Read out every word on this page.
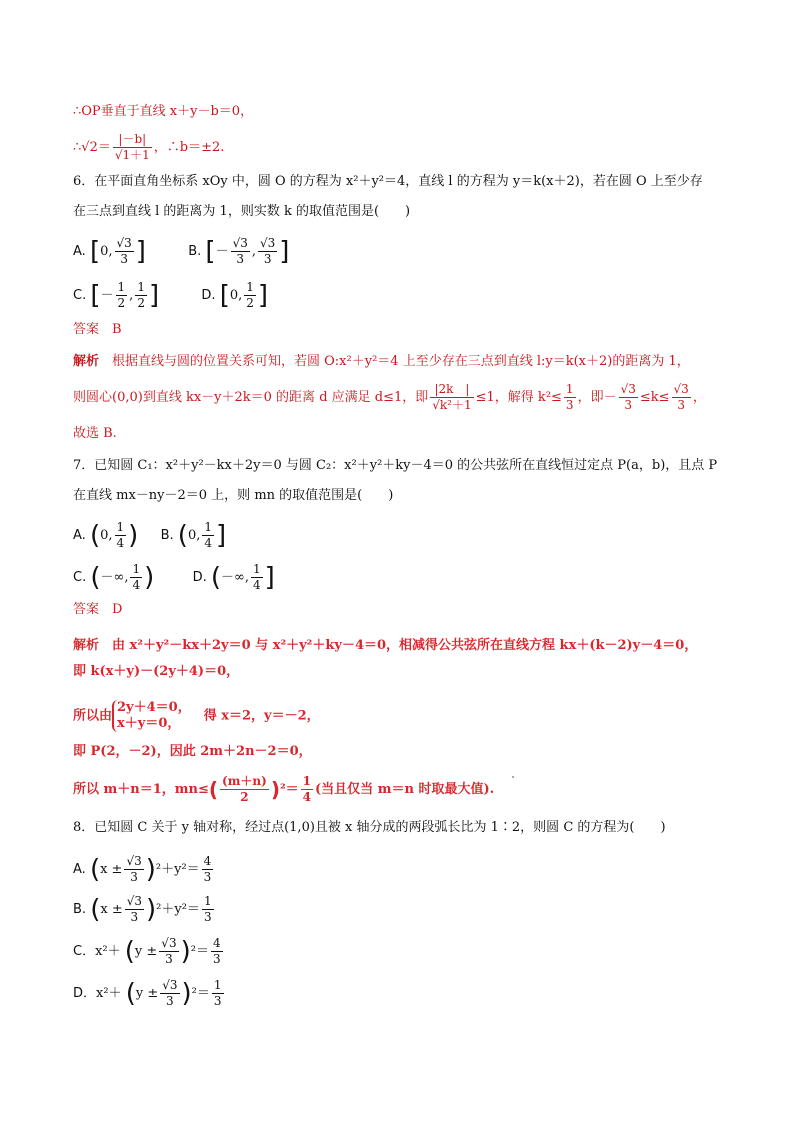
∴OP垂直于直线 x＋y－b＝0，
∴√2＝ $\frac{|-b|}{√1+1}$ ，∴b＝±2.
6．在平面直角坐标系 xOy 中，圆 O 的方程为 x²＋y²＝4，直线 l 的方程为 y＝k(x＋2)，若在圆 O 上至少存
在三点到直线 l 的距离为 1，则实数 k 的取值范围是(　　)
A. [0, $\frac{√3}{3}$ ]	B. [－ $\frac{√3}{3}$ , $\frac{√3}{3}$ ]
C. [－ $\frac{1}{2}$ , $\frac{1}{2}$ ]	D. [0, $\frac{1}{2}$ ]
答案　B
解析　根据直线与圆的位置关系可知，若圆 O:x²＋y²＝4 上至少存在三点到直线 l:y＝k(x＋2)的距离为 1，
则圆心(0,0)到直线 kx－y＋2k＝0 的距离 d 应满足 d≤1，即 $\frac{|2k |}{\text{√k²＋1}} \le 1$，解得 $k^2\le \frac{1}{3}$ ，即－ $\frac{√3}{3} \le k\le \frac{√3}{3}$ ，
故选 B.
7．已知圆 C₁：x²＋y²－kx＋2y＝0 与圆 C₂：x²＋y²＋ky－4＝0 的公共弦所在直线恒过定点 P(a，b)，且点 P
在直线 mx－ny－2＝0 上，则 mn 的取值范围是(　　)
A. (0, $\frac{1}{4}$ ) B. (0, $\frac{1}{4}$ ]
C. (－∞, $\frac{1}{4}$ )	D. (－∞, $\frac{1}{4}$ ]
答案　D
解析　由 x²＋y²－kx＋2y＝0 与 x²＋y²＋ky－4＝0，相减得公共弦所在直线方程 kx＋(k－2)y－4＝0，
即 k(x＋y)－(2y＋4)＝0，
所以由
2y＋4＝0，
x＋y＝0， 　得 x＝2，y＝－2，
即 P(2，－2)，因此 2m＋2n－2＝0，
所以 m＋n＝1，$mn\le( \frac{(m+n)}{2} )^2= \frac{1}{4}$ (当且仅当 m＝n 时取最大值).
8．已知圆 C 关于 y 轴对称，经过点(1,0)且被 x 轴分成的两段弧长比为 1∶2，则圆 C 的方程为(　　)
A. $(x \pm \frac{√3}{3} )^2+y^2= \frac{4}{3}$
B. $(x \pm \frac{√3}{3} )^2+y^2= \frac{1}{3}$
C．$x^2+ (y \pm \frac{√3}{3} )^2= \frac{4}{3}$
D．$x^2+ (y \pm \frac{√3}{3} )^2= \frac{1}{3}$
